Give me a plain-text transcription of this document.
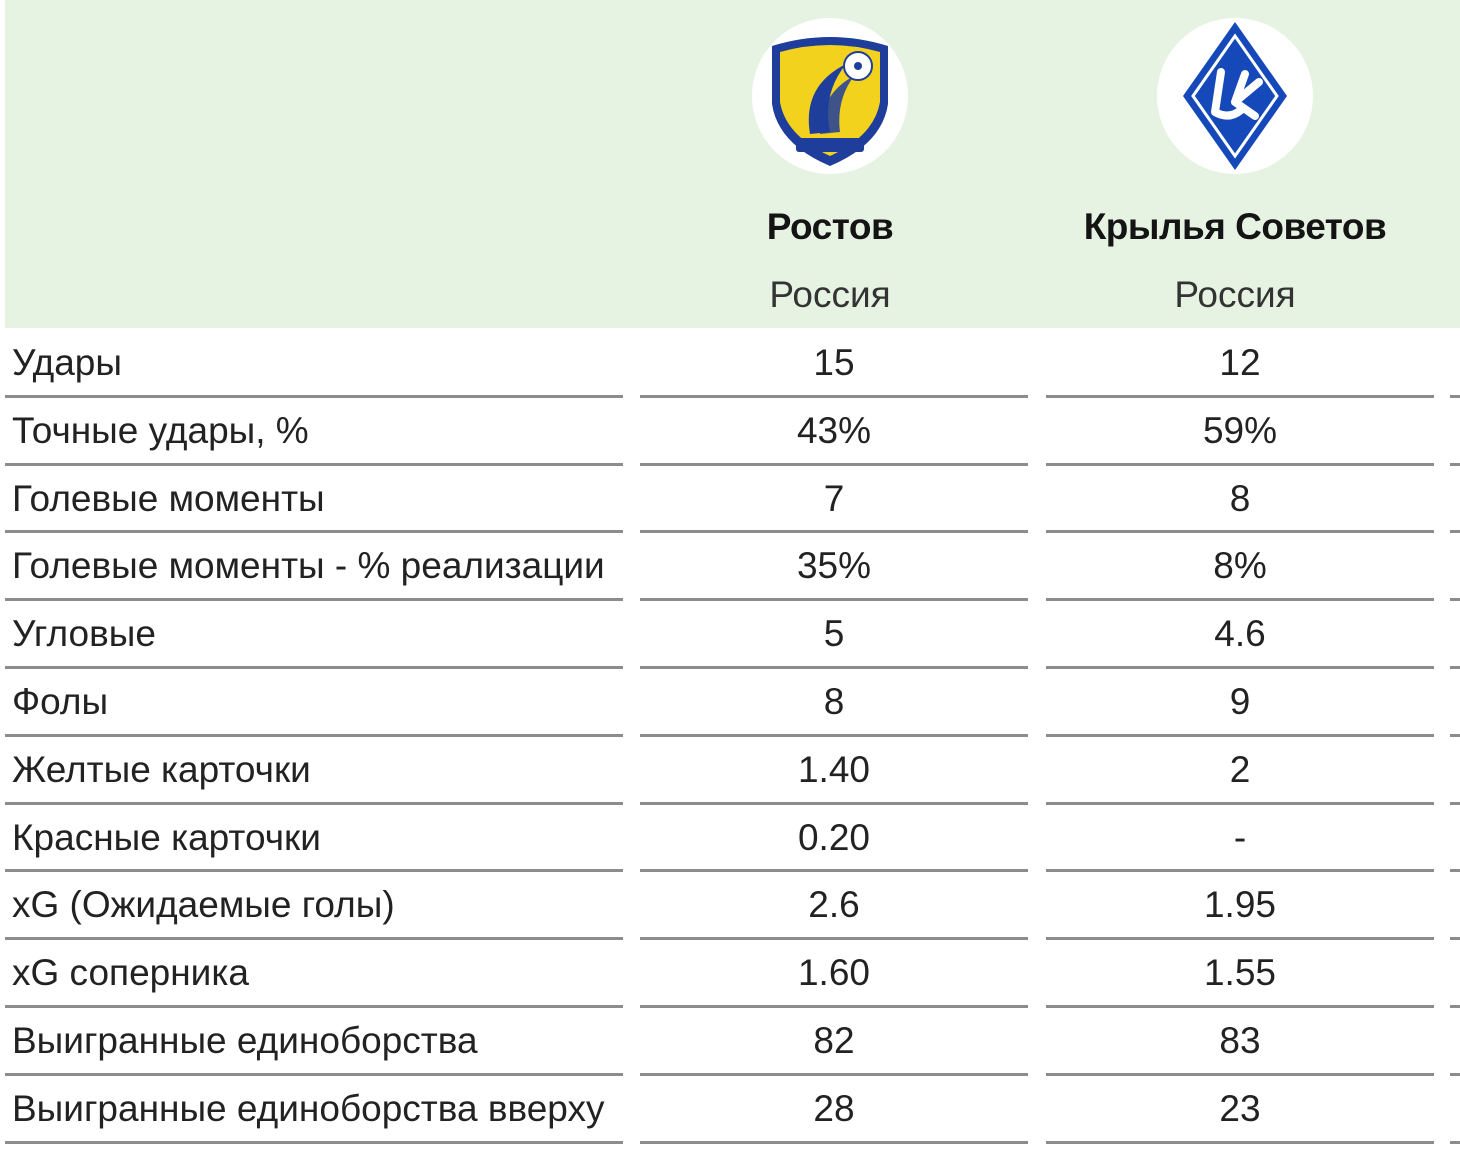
Ростов
Россия
Крылья Советов
Россия
Удары	15	12
Точные удары, %	43%	59%
Голевые моменты	7	8
Голевые моменты - % реализации	35%	8%
Угловые	5	4.6
Фолы	8	9
Желтые карточки	1.40	2
Красные карточки	0.20	-
xG (Ожидаемые голы)	2.6	1.95
xG соперника	1.60	1.55
Выигранные единоборства	82	83
Выигранные единоборства вверху	28	23
